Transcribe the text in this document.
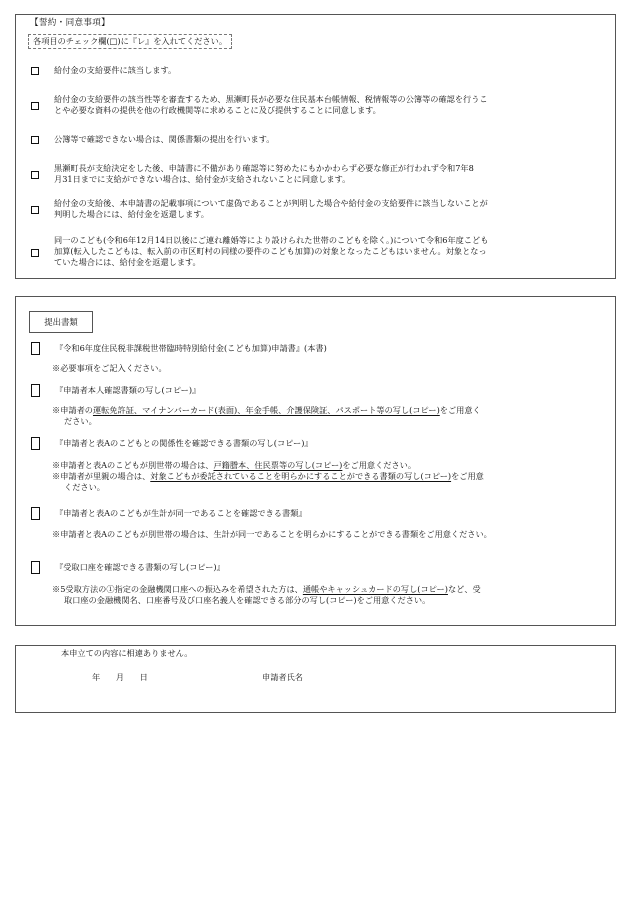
【誓約・同意事項】
各項目のチェック欄(□)に『レ』を入れてください。
給付金の支給要件に該当します。
給付金の支給要件の該当性等を審査するため、黒瀬町長が必要な住民基本台帳情報、税情報等の公簿等の確認を行うこ
とや必要な資料の提供を他の行政機関等に求めることに及び提供することに同意します。
公簿等で確認できない場合は、関係書類の提出を行います。
黒瀬町長が支給決定をした後、申請書に不備があり確認等に努めたにもかかわらず必要な修正が行われず令和7年8
月31日までに支給ができない場合は、給付金が支給されないことに同意します。
給付金の支給後、本申請書の記載事項について虚偽であることが判明した場合や給付金の支給要件に該当しないことが
判明した場合には、給付金を返還します。
同一のこども(令和6年12月14日以後にご連れ離婚等により設けられた世帯のこどもを除く。)について令和6年度こども
加算(転入したこどもは、転入前の市区町村の同様の要件のこども加算)の対象となったこどもはいません。対象となっ
ていた場合には、給付金を返還します。
提出書類
『令和6年度住民税非課税世帯臨時特別給付金(こども加算)申請書』(本書)
※必要事項をご記入ください。
『申請者本人確認書類の写し(コピー)』
※申請者の運転免許証、マイナンバーカード(表面)、年金手帳、介護保険証、パスポート等の写し(コピー)をご用意く
ださい。
『申請者と表Aのこどもとの関係性を確認できる書類の写し(コピー)』
※申請者と表Aのこどもが別世帯の場合は、戸籍謄本、住民票等の写し(コピー)をご用意ください。
※申請者が里親の場合は、対象こどもが委託されていることを明らかにすることができる書類の写し(コピー)をご用意
ください。
『申請者と表Aのこどもが生計が同一であることを確認できる書類』
※申請者と表Aのこどもが別世帯の場合は、生計が同一であることを明らかにすることができる書類をご用意ください。
『受取口座を確認できる書類の写し(コピー)』
※5受取方法の①指定の金融機関口座への振込みを希望された方は、通帳やキャッシュカードの写し(コピー)など、受
取口座の金融機関名、口座番号及び口座名義人を確認できる部分の写し(コピー)をご用意ください。
本申立ての内容に相違ありません。
年 月 日	申請者氏名
